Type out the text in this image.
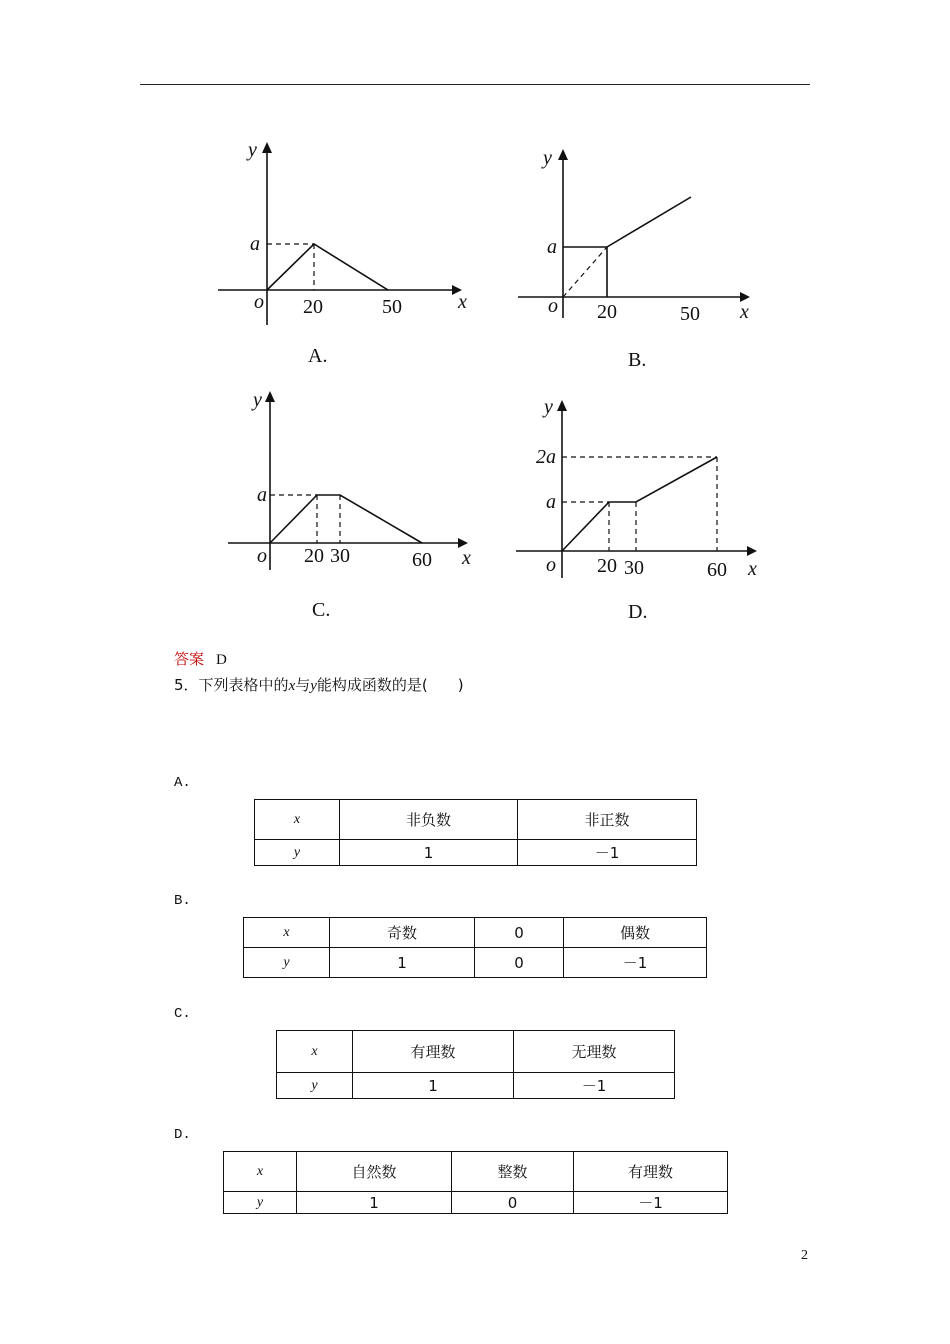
y
x
o
a
20	50
A.
y
x
o
a
20	50
B.
y
x
o
a
20 30	60
C.
y
x
o
a
2a
20 30	60
D.
答案 D
5．下列表格中的x与y能构成函数的是(　　)
A.
x	非负数	非正数
y	1	－1
B.
x	奇数	0	偶数
y	1	0	－1
C.
x	有理数	无理数
y	1	－1
D.
x	自然数	整数	有理数
y	1	0	－1
2
